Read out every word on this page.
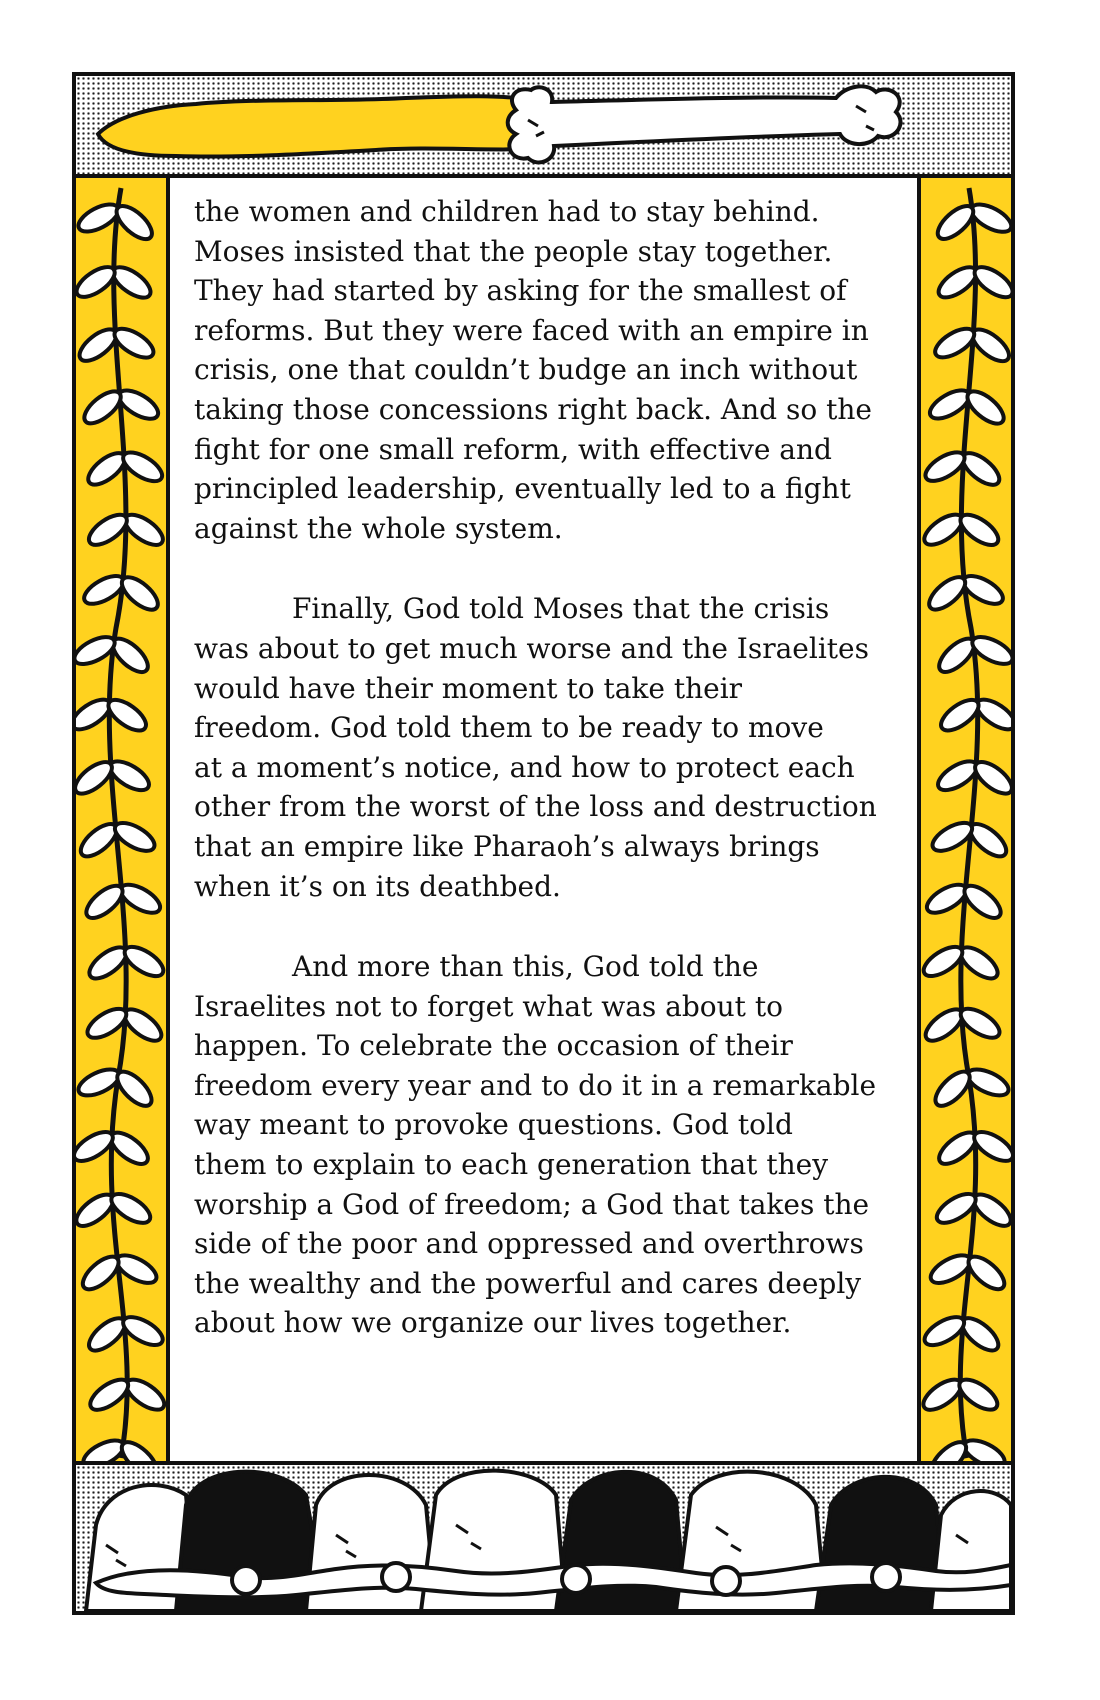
the women and children had to stay behind.
Moses insisted that the people stay together.
They had started by asking for the smallest of
reforms. But they were faced with an empire in
crisis, one that couldn’t budge an inch without
taking those concessions right back. And so the
fight for one small reform, with effective and
principled leadership, eventually led to a fight
against the whole system.

Finally, God told Moses that the crisis
was about to get much worse and the Israelites
would have their moment to take their
freedom. God told them to be ready to move
at a moment’s notice, and how to protect each
other from the worst of the loss and destruction
that an empire like Pharaoh’s always brings
when it’s on its deathbed.

And more than this, God told the
Israelites not to forget what was about to
happen. To celebrate the occasion of their
freedom every year and to do it in a remarkable
way meant to provoke questions. God told
them to explain to each generation that they
worship a God of freedom; a God that takes the
side of the poor and oppressed and overthrows
the wealthy and the powerful and cares deeply
about how we organize our lives together.
